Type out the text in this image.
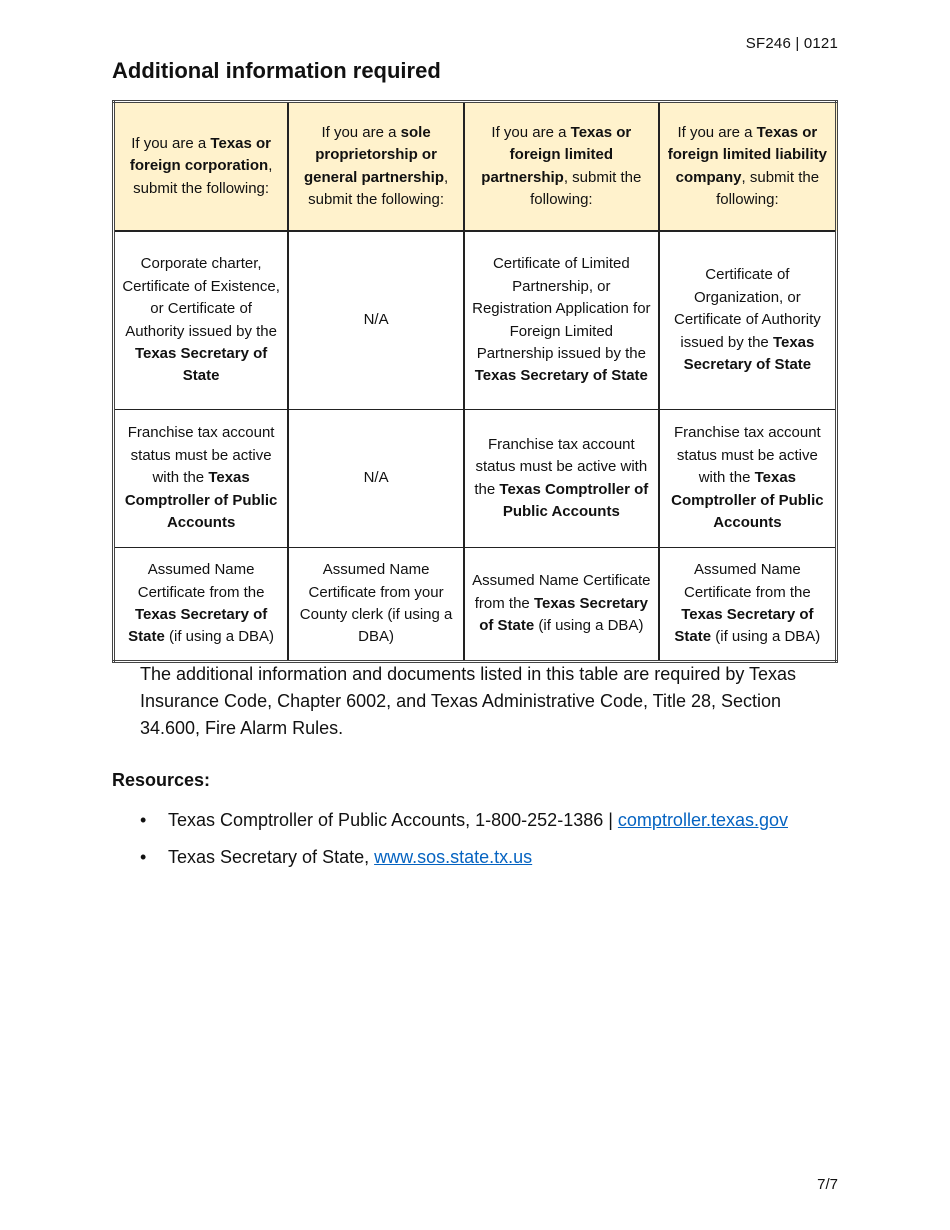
SF246 | 0121
Additional information required
If you are a Texas or foreign corporation, submit the following:	If you are a sole proprietorship or general partnership, submit the following:	If you are a Texas or foreign limited partnership, submit the following:	If you are a Texas or foreign limited liability company, submit the following:
Corporate charter, Certificate of Existence, or Certificate of Authority issued by the Texas Secretary of State	N/A	Certificate of Limited Partnership, or Registration Application for Foreign Limited Partnership issued by the Texas Secretary of State	Certificate of Organization, or Certificate of Authority issued by the Texas Secretary of State
Franchise tax account status must be active with the Texas Comptroller of Public Accounts	N/A	Franchise tax account status must be active with the Texas Comptroller of Public Accounts	Franchise tax account status must be active with the Texas Comptroller of Public Accounts
Assumed Name Certificate from the Texas Secretary of State (if using a DBA)	Assumed Name Certificate from your County clerk (if using a DBA)	Assumed Name Certificate from the Texas Secretary of State (if using a DBA)	Assumed Name Certificate from the Texas Secretary of State (if using a DBA)

The additional information and documents listed in this table are required by Texas Insurance Code, Chapter 6002, and Texas Administrative Code, Title 28, Section 34.600, Fire Alarm Rules.

Resources:
• Texas Comptroller of Public Accounts, 1-800-252-1386 | comptroller.texas.gov
• Texas Secretary of State, www.sos.state.tx.us
7/7
